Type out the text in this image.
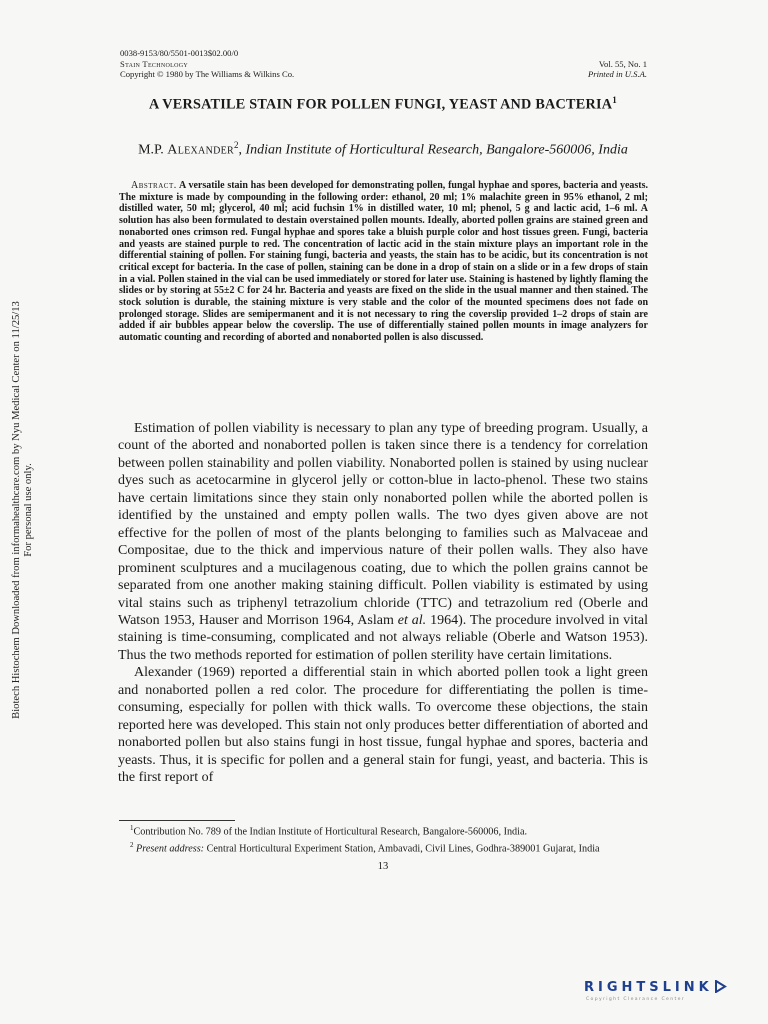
Biotech Histochem Downloaded from informahealthcare.com by Nyu Medical Center on 11/25/13 For personal use only.
0038-9153/80/5501-0013$02.00/0
Stain Technology	Vol. 55, No. 1
Copyright © 1980 by The Williams & Wilkins Co.	Printed in U.S.A.
A VERSATILE STAIN FOR POLLEN FUNGI, YEAST AND BACTERIA$^1$
M.P. Alexander$^2$, Indian Institute of Horticultural Research, Bangalore-560006, India

Abstract. A versatile stain has been developed for demonstrating pollen, fungal hyphae and spores, bacteria and yeasts. The mixture is made by compounding in the following order: ethanol, 20 ml; 1% malachite green in 95% ethanol, 2 ml; distilled water, 50 ml; glycerol, 40 ml; acid fuchsin 1% in distilled water, 10 ml; phenol, 5 g and lactic acid, 1–6 ml. A solution has also been formulated to destain overstained pollen mounts. Ideally, aborted pollen grains are stained green and nonaborted ones crimson red. Fungal hyphae and spores take a bluish purple color and host tissues green. Fungi, bacteria and yeasts are stained purple to red. The concentration of lactic acid in the stain mixture plays an important role in the differential staining of pollen. For staining fungi, bacteria and yeasts, the stain has to be acidic, but its concentration is not critical except for bacteria. In the case of pollen, staining can be done in a drop of stain on a slide or in a few drops of stain in a vial. Pollen stained in the vial can be used immediately or stored for later use. Staining is hastened by lightly flaming the slides or by storing at 55±2 C for 24 hr. Bacteria and yeasts are fixed on the slide in the usual manner and then stained. The stock solution is durable, the staining mixture is very stable and the color of the mounted specimens does not fade on prolonged storage. Slides are semipermanent and it is not necessary to ring the coverslip provided 1–2 drops of stain are added if air bubbles appear below the coverslip. The use of differentially stained pollen mounts in image analyzers for automatic counting and recording of aborted and nonaborted pollen is also discussed.

Estimation of pollen viability is necessary to plan any type of breeding program. Usually, a count of the aborted and nonaborted pollen is taken since there is a tendency for correlation between pollen stainability and pollen viability. Nonaborted pollen is stained by using nuclear dyes such as acetocarmine in glycerol jelly or cotton-blue in lacto-phenol. These two stains have certain limitations since they stain only nonaborted pollen while the aborted pollen is identified by the unstained and empty pollen walls. The two dyes given above are not effective for the pollen of most of the plants belonging to families such as Malvaceae and Compositae, due to the thick and impervious nature of their pollen walls. They also have prominent sculptures and a mucilagenous coating, due to which the pollen grains cannot be separated from one another making staining difficult. Pollen viability is estimated by using vital stains such as triphenyl tetrazolium chloride (TTC) and tetrazolium red (Oberle and Watson 1953, Hauser and Morrison 1964, Aslam et al. 1964). The procedure involved in vital staining is time-consuming, complicated and not always reliable (Oberle and Watson 1953). Thus the two methods reported for estimation of pollen sterility have certain limitations.

Alexander (1969) reported a differential stain in which aborted pollen took a light green and nonaborted pollen a red color. The procedure for differentiating the pollen is time-consuming, especially for pollen with thick walls. To overcome these objections, the stain reported here was developed. This stain not only produces better differentiation of aborted and nonaborted pollen but also stains fungi in host tissue, fungal hyphae and spores, bacteria and yeasts. Thus, it is specific for pollen and a general stain for fungi, yeast, and bacteria. This is the first report of

$^1$Contribution No. 789 of the Indian Institute of Horticultural Research, Bangalore-560006, India.

$^2$ Present address: Central Horticultural Experiment Station, Ambavadi, Civil Lines, Godhra-389001 Gujarat, India

13
RIGHTSLINK
Copyright Clearance Center
